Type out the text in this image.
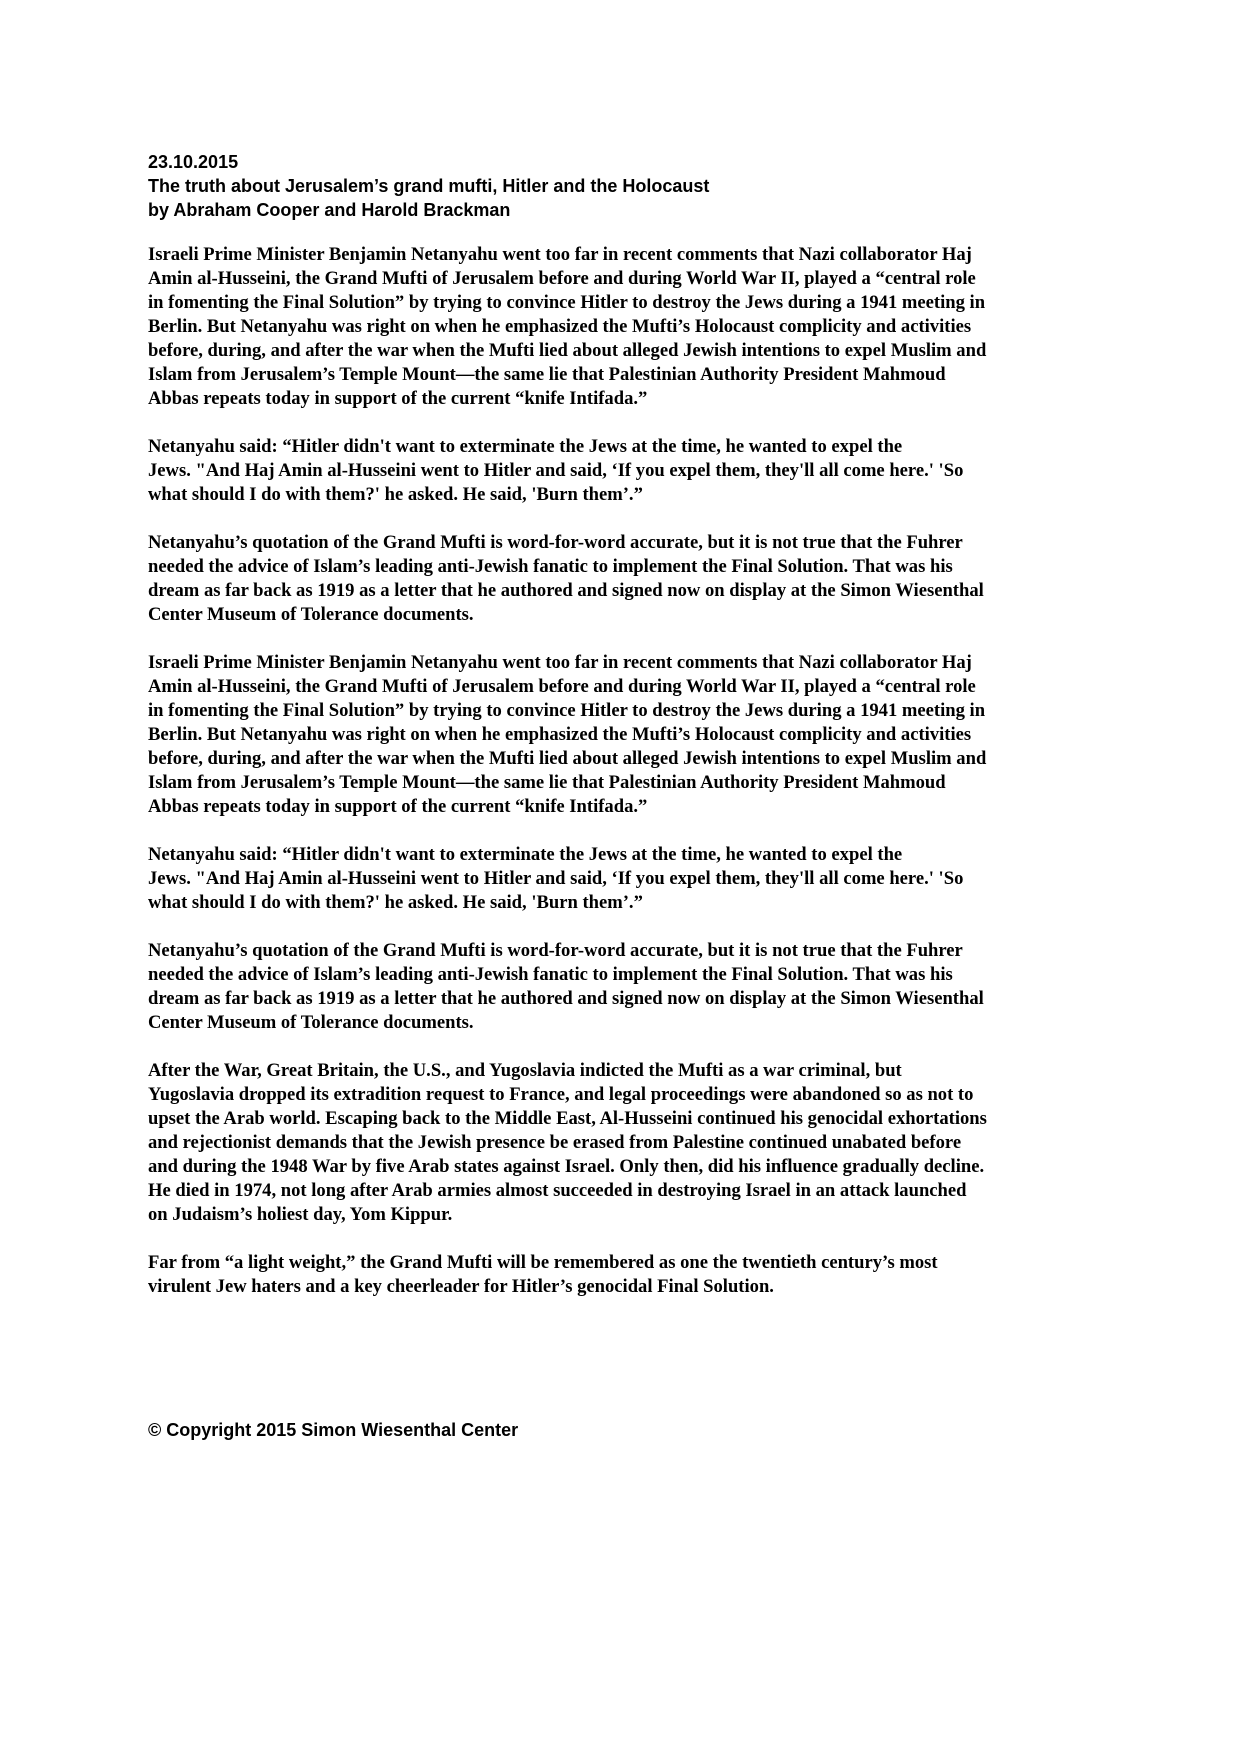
23.10.2015

The truth about Jerusalem’s grand mufti, Hitler and the Holocaust

by Abraham Cooper and Harold Brackman

Israeli Prime Minister Benjamin Netanyahu went too far in recent comments that Nazi collaborator Haj
Amin al-Husseini, the Grand Mufti of Jerusalem before and during World War II, played a “central role
in fomenting the Final Solution” by trying to convince Hitler to destroy the Jews during a 1941 meeting in
Berlin. But Netanyahu was right on when he emphasized the Mufti’s Holocaust complicity and activities
before, during, and after the war when the Mufti lied about alleged Jewish intentions to expel Muslim and
Islam from Jerusalem’s Temple Mount—the same lie that Palestinian Authority President Mahmoud
Abbas repeats today in support of the current “knife Intifada.”

Netanyahu said: “Hitler didn't want to exterminate the Jews at the time, he wanted to expel the
Jews. "And Haj Amin al-Husseini went to Hitler and said, ‘If you expel them, they'll all come here.' 'So
what should I do with them?' he asked. He said, 'Burn them’.”

Netanyahu’s quotation of the Grand Mufti is word-for-word accurate, but it is not true that the Fuhrer
needed the advice of Islam’s leading anti-Jewish fanatic to implement the Final Solution. That was his
dream as far back as 1919 as a letter that he authored and signed now on display at the Simon Wiesenthal
Center Museum of Tolerance documents.

Israeli Prime Minister Benjamin Netanyahu went too far in recent comments that Nazi collaborator Haj
Amin al-Husseini, the Grand Mufti of Jerusalem before and during World War II, played a “central role
in fomenting the Final Solution” by trying to convince Hitler to destroy the Jews during a 1941 meeting in
Berlin. But Netanyahu was right on when he emphasized the Mufti’s Holocaust complicity and activities
before, during, and after the war when the Mufti lied about alleged Jewish intentions to expel Muslim and
Islam from Jerusalem’s Temple Mount—the same lie that Palestinian Authority President Mahmoud
Abbas repeats today in support of the current “knife Intifada.”

Netanyahu said: “Hitler didn't want to exterminate the Jews at the time, he wanted to expel the
Jews. "And Haj Amin al-Husseini went to Hitler and said, ‘If you expel them, they'll all come here.' 'So
what should I do with them?' he asked. He said, 'Burn them’.”

Netanyahu’s quotation of the Grand Mufti is word-for-word accurate, but it is not true that the Fuhrer
needed the advice of Islam’s leading anti-Jewish fanatic to implement the Final Solution. That was his
dream as far back as 1919 as a letter that he authored and signed now on display at the Simon Wiesenthal
Center Museum of Tolerance documents.

After the War, Great Britain, the U.S., and Yugoslavia indicted the Mufti as a war criminal, but
Yugoslavia dropped its extradition request to France, and legal proceedings were abandoned so as not to
upset the Arab world. Escaping back to the Middle East, Al-Husseini continued his genocidal exhortations
and rejectionist demands that the Jewish presence be erased from Palestine continued unabated before
and during the 1948 War by five Arab states against Israel. Only then, did his influence gradually decline.
He died in 1974, not long after Arab armies almost succeeded in destroying Israel in an attack launched
on Judaism’s holiest day, Yom Kippur.

Far from “a light weight,” the Grand Mufti will be remembered as one the twentieth century’s most
virulent Jew haters and a key cheerleader for Hitler’s genocidal Final Solution.

© Copyright 2015 Simon Wiesenthal Center
